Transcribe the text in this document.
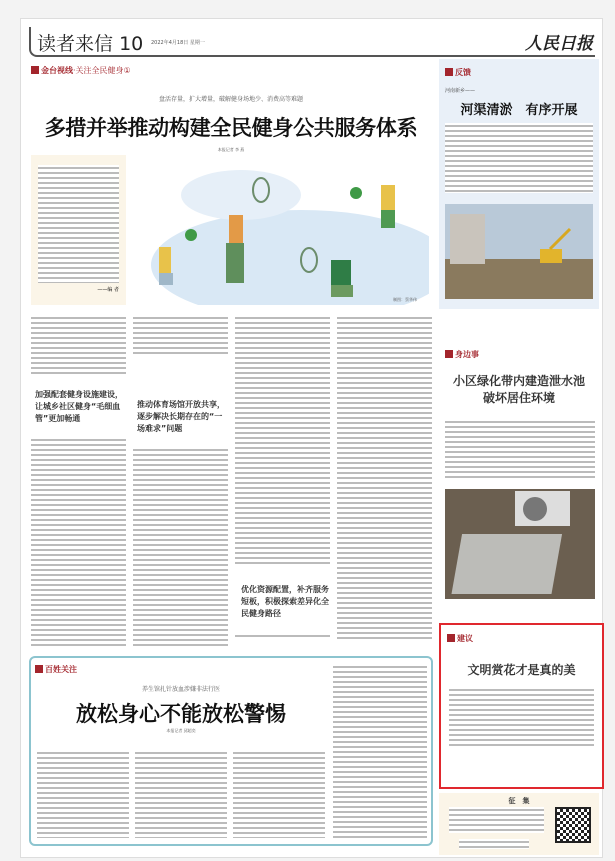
读者来信 10 2022年4月18日 星期一	人民日报
金台视线·关注全民健身①
盘活存量，扩大增量，破解健身场地少、消费高等难题
多措并举推动构建全民健身公共服务体系
本报记者 李 燕
——编 者
制图：蔡华伟
加强配套健身设施建设，让城乡社区健身“毛细血管”更加畅通
推动体育场馆开放共享，逐步解决长期存在的“一场难求”问题
优化资源配置，补齐服务短板，积极探索差异化全民健身路径
百姓关注
养生馆扎针放血涉嫌非法行医
放松身心不能放松警惕
本报记者 邱超奕
反馈
河南新乡——
河渠清淤　有序开展
身边事
小区绿化带内建造泄水池
破坏居住环境
建议
文明赏花才是真的美
征　集
